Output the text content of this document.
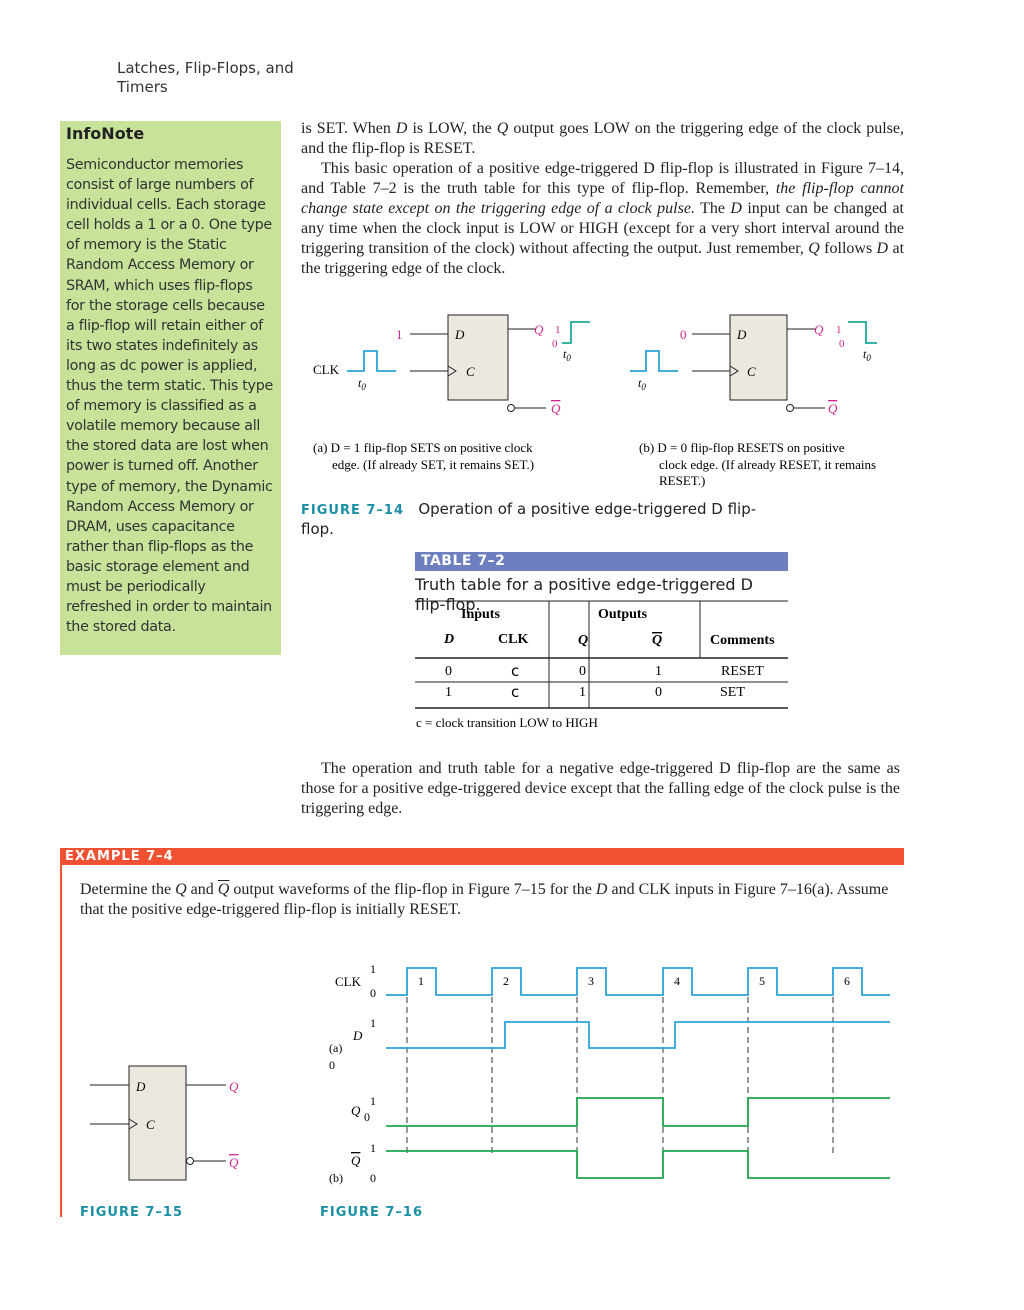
Latches, Flip-Flops, and Timers
InfoNote
Semiconductor memories consist of large numbers of individual cells. Each storage cell holds a 1 or a 0. One type of memory is the Static Random Access Memory or SRAM, which uses flip-flops for the storage cells because a flip-flop will retain either of its two states indefinitely as long as dc power is applied, thus the term static. This type of memory is classified as a volatile memory because all the stored data are lost when power is turned off. Another type of memory, the Dynamic Random Access Memory or DRAM, uses capacitance rather than flip-flops as the basic storage element and must be periodically refreshed in order to maintain the stored data.
is SET. When D is LOW, the Q output goes LOW on the triggering edge of the clock pulse, and the flip-flop is RESET.
This basic operation of a positive edge-triggered D flip-flop is illustrated in Figure 7–14, and Table 7–2 is the truth table for this type of flip-flop. Remember, the flip-flop cannot change state except on the triggering edge of a clock pulse. The D input can be changed at any time when the clock input is LOW or HIGH (except for a very short interval around the triggering transition of the clock) without affecting the output. Just remember, Q follows D at the triggering edge of the clock.
1	D
C
CLK
$t_0$
Q 1
0
$t_0$
Q
0	D
C
$t_0$
Q 1
0
$t_0$
Q
(a) D = 1 flip-flop SETS on positive clock
edge. (If already SET, it remains SET.)
(b) D = 0 flip-flop RESETS on positive
clock edge. (If already RESET, it remains
RESET.)
FIGURE 7–14 Operation of a positive edge-triggered D flip-flop.
TABLE 7–2
Truth table for a positive edge-triggered D flip-flop.
Inputs	Outputs
D	CLK	Q	Q	Comments
0	c	0	1	RESET
1	c	1	0	SET
c = clock transition LOW to HIGH
The operation and truth table for a negative edge-triggered D flip-flop are the same as those for a positive edge-triggered device except that the falling edge of the clock pulse is the triggering edge.
EXAMPLE 7–4
Determine the Q and $\overline{Q}$ output waveforms of the flip-flop in Figure 7–15 for the D and CLK inputs in Figure 7–16(a). Assume that the positive edge-triggered flip-flop is initially RESET.
D
C
Q
Q
CLK
1
0
1	2	3	4	5	6
D
1
(a)
0
Q
1
0
Q
1
(b) 0
FIGURE 7–15	FIGURE 7–16
